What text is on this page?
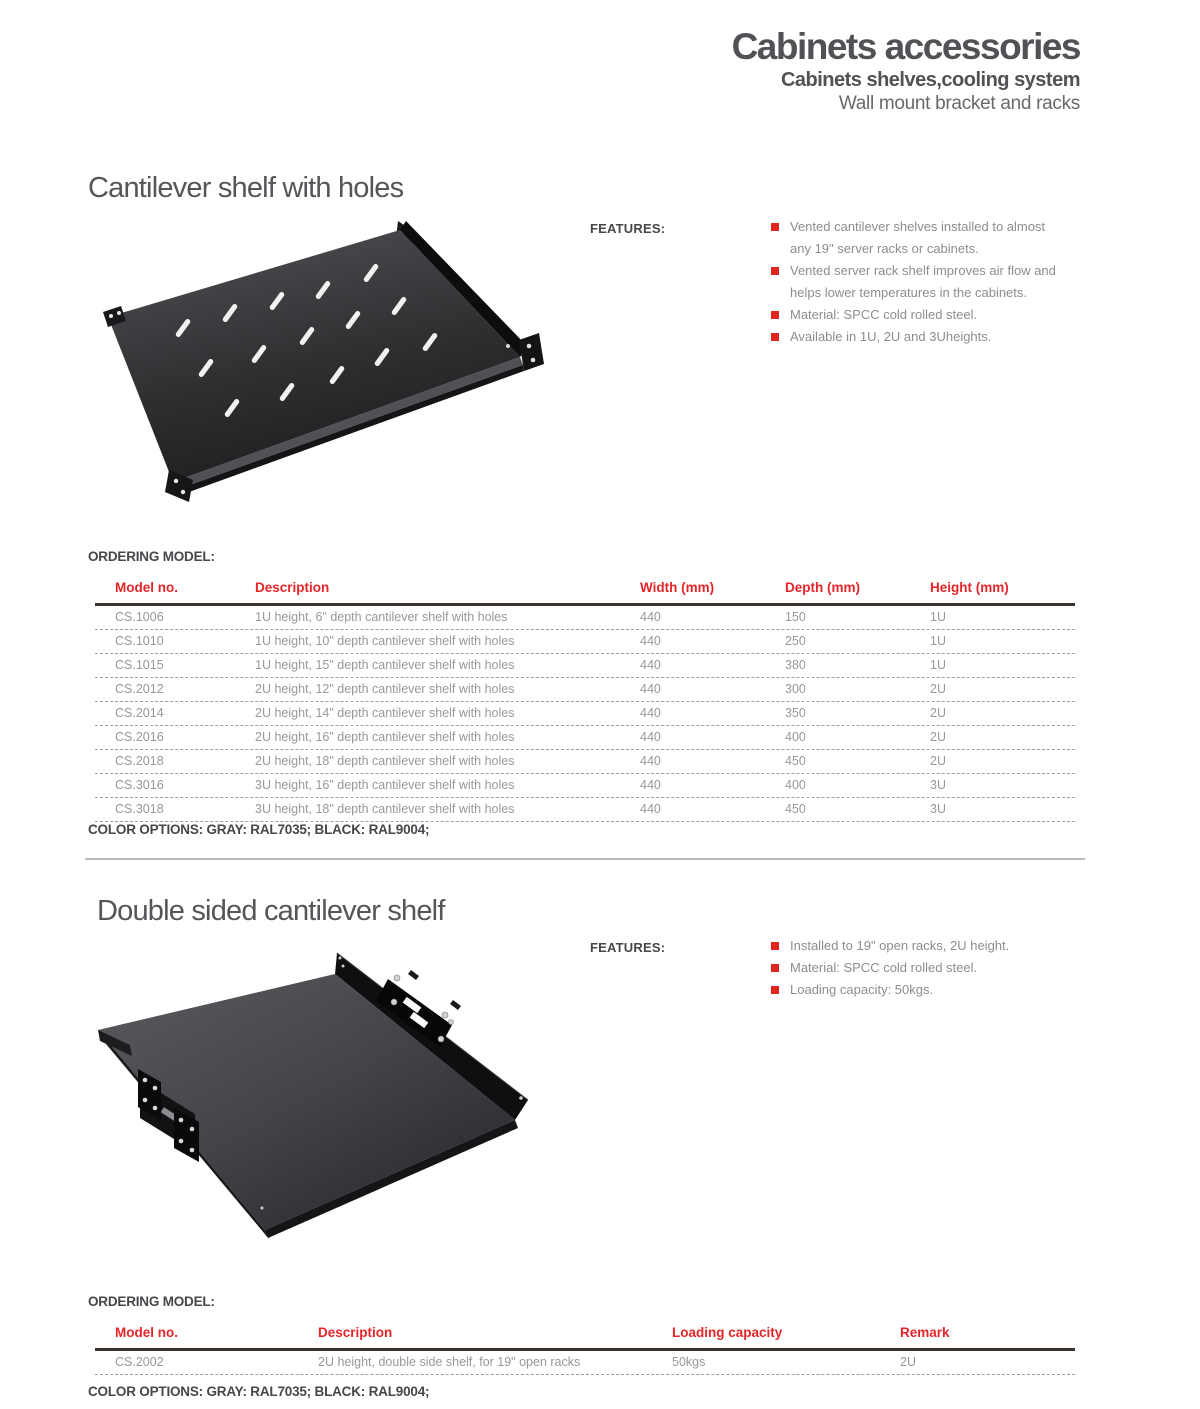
Cabinets accessories
Cabinets shelves,cooling system
Wall mount bracket and racks
Cantilever shelf with holes
FEATURES:	Vented cantilever shelves installed to almost any 19" server racks or cabinets.
Vented server rack shelf improves air flow and helps lower temperatures in the cabinets.
Material: SPCC cold rolled steel.
Available in 1U, 2U and 3Uheights.
ORDERING MODEL:
Model no.	Description	Width (mm)	Depth (mm)	Height (mm)
CS.1006	1U height, 6" depth cantilever shelf with holes	440	150	1U
CS.1010	1U height, 10" depth cantilever shelf with holes	440	250	1U
CS.1015	1U height, 15" depth cantilever shelf with holes	440	380	1U
CS.2012	2U height, 12" depth cantilever shelf with holes	440	300	2U
CS.2014	2U height, 14" depth cantilever shelf with holes	440	350	2U
CS.2016	2U height, 16" depth cantilever shelf with holes	440	400	2U
CS.2018	2U height, 18" depth cantilever shelf with holes	440	450	2U
CS.3016	3U height, 16" depth cantilever shelf with holes	440	400	3U
CS.3018	3U height, 18" depth cantilever shelf with holes	440	450	3U
COLOR OPTIONS: GRAY: RAL7035; BLACK: RAL9004;
Double sided cantilever shelf
FEATURES:	Installed to 19" open racks, 2U height.
Material: SPCC cold rolled steel.
Loading capacity: 50kgs.
ORDERING MODEL:
Model no.	Description	Loading capacity	Remark
CS.2002	2U height, double side shelf, for 19" open racks	50kgs	2U
COLOR OPTIONS: GRAY: RAL7035; BLACK: RAL9004;
